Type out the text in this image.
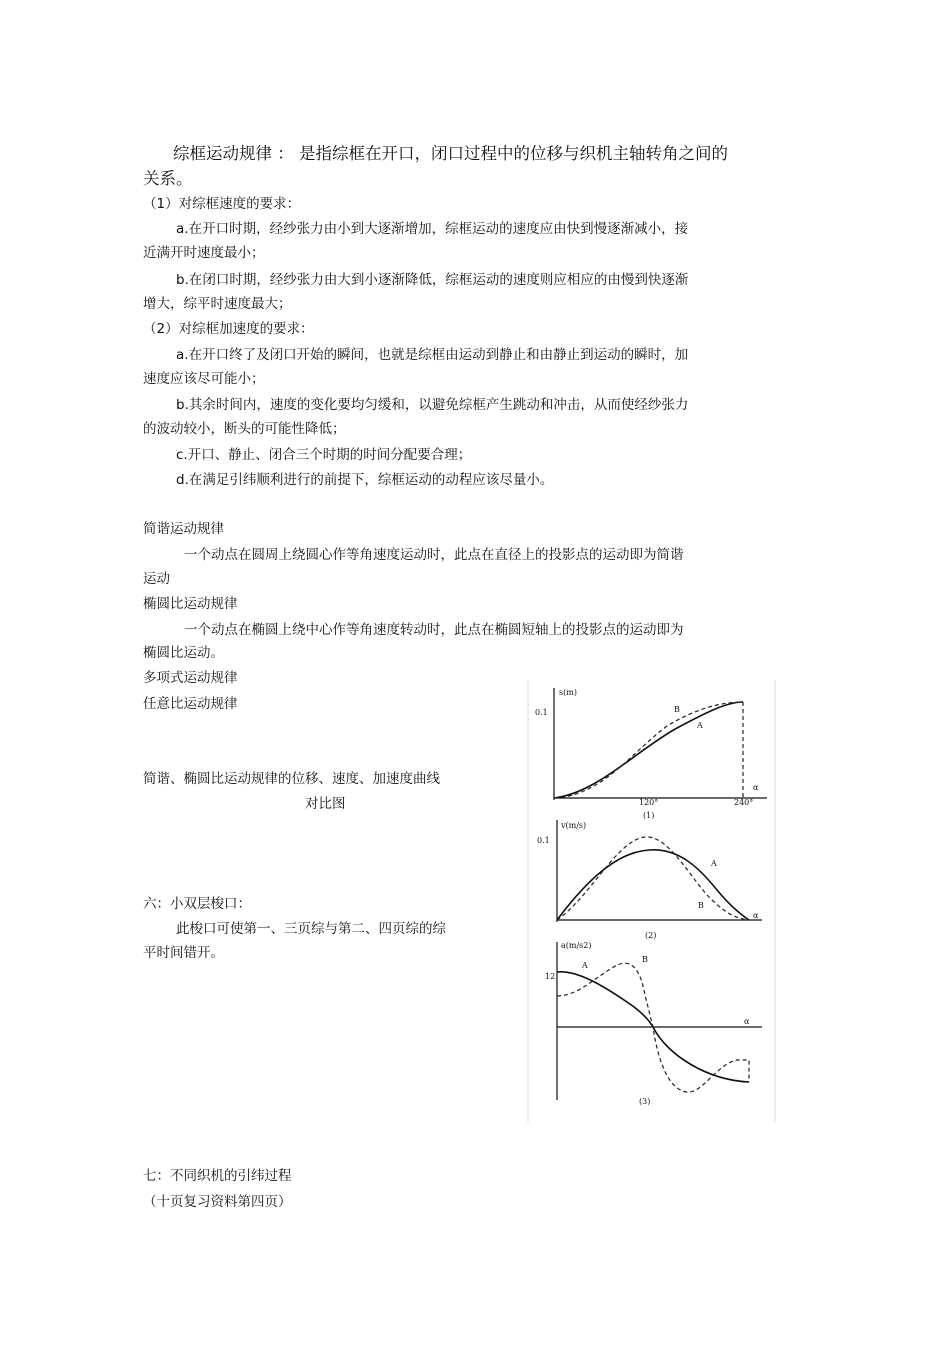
综框运动规律 ： 是指综框在开口，闭口过程中的位移与织机主轴转角之间的
关系。
（1）对综框速度的要求：
a.在开口时期，经纱张力由小到大逐渐增加，综框运动的速度应由快到慢逐渐减小，接
近满开时速度最小；
b.在闭口时期，经纱张力由大到小逐渐降低，综框运动的速度则应相应的由慢到快逐渐
增大，综平时速度最大；
（2）对综框加速度的要求：
a.在开口终了及闭口开始的瞬间，也就是综框由运动到静止和由静止到运动的瞬时，加
速度应该尽可能小；
b.其余时间内，速度的变化要均匀缓和，以避免综框产生跳动和冲击，从而使经纱张力
的波动较小，断头的可能性降低；
c.开口、静止、闭合三个时期的时间分配要合理；
d.在满足引纬顺利进行的前提下，综框运动的动程应该尽量小。
简谐运动规律
一个动点在圆周上绕圆心作等角速度运动时，此点在直径上的投影点的运动即为简谐
运动
椭圆比运动规律
一个动点在椭圆上绕中心作等角速度转动时，此点在椭圆短轴上的投影点的运动即为
椭圆比运动。
多项式运动规律
任意比运动规律
简谐、椭圆比运动规律的位移、速度、加速度曲线
对比图
六：小双层梭口：
此梭口可使第一、三页综与第二、四页综的综
平时间错开。
七：不同织机的引纬过程
（十页复习资料第四页）
s(m)
0.1
120°	240°
α
(1)
B
A
v(m/s)
0.1
α
(2)
A
B
a(m/s2)
12
α
(3)
A
B
